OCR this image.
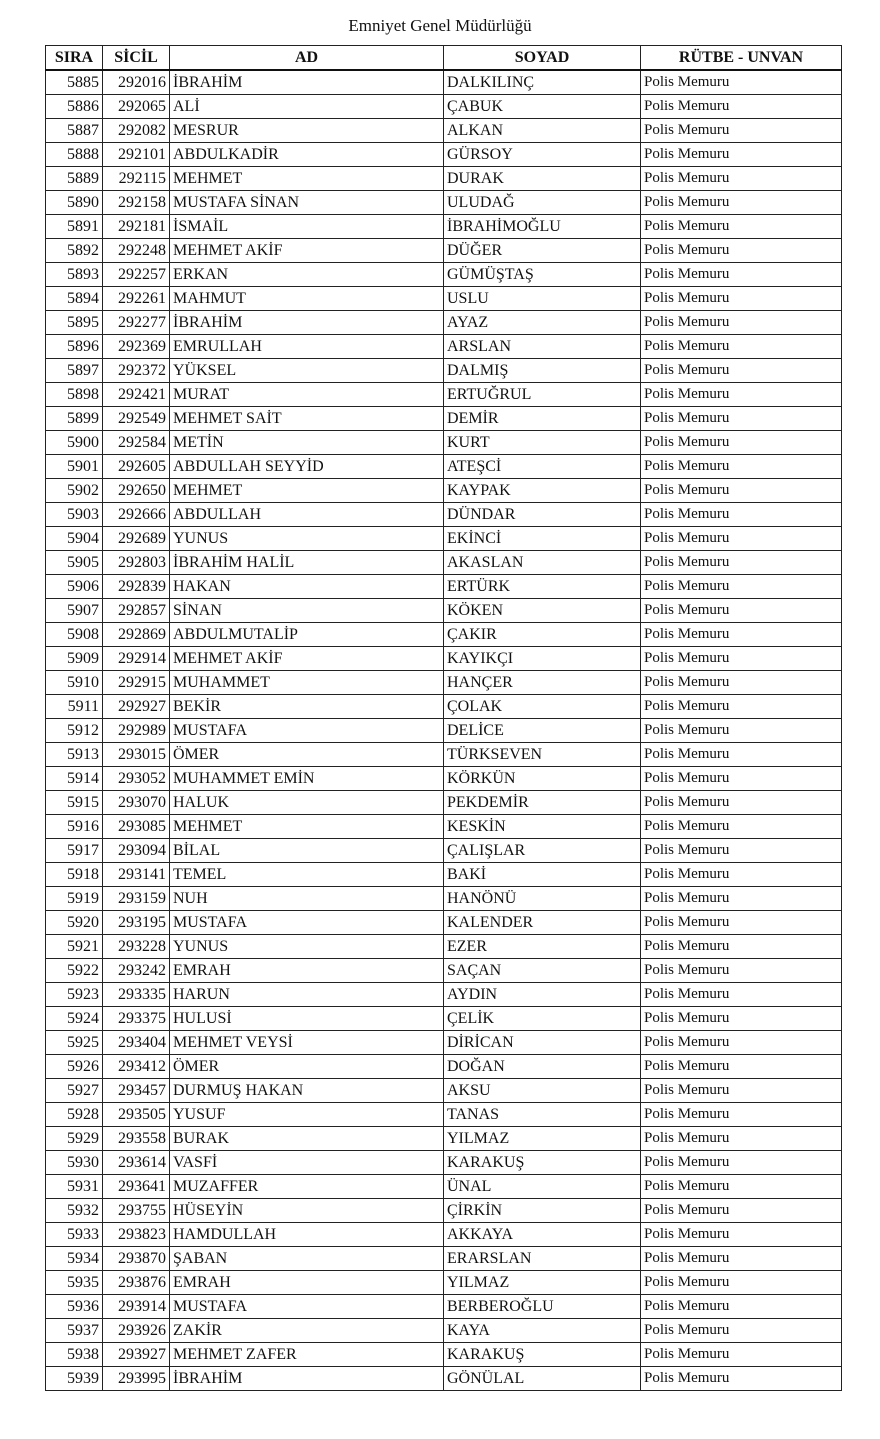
Emniyet Genel Müdürlüğü
SIRA	SİCİL	AD	SOYAD	RÜTBE - UNVAN
5885	292016	İBRAHİM	DALKILINÇ	Polis Memuru
5886	292065	ALİ	ÇABUK	Polis Memuru
5887	292082	MESRUR	ALKAN	Polis Memuru
5888	292101	ABDULKADİR	GÜRSOY	Polis Memuru
5889	292115	MEHMET	DURAK	Polis Memuru
5890	292158	MUSTAFA SİNAN	ULUDAĞ	Polis Memuru
5891	292181	İSMAİL	İBRAHİMOĞLU	Polis Memuru
5892	292248	MEHMET AKİF	DÜĞER	Polis Memuru
5893	292257	ERKAN	GÜMÜŞTAŞ	Polis Memuru
5894	292261	MAHMUT	USLU	Polis Memuru
5895	292277	İBRAHİM	AYAZ	Polis Memuru
5896	292369	EMRULLAH	ARSLAN	Polis Memuru
5897	292372	YÜKSEL	DALMIŞ	Polis Memuru
5898	292421	MURAT	ERTUĞRUL	Polis Memuru
5899	292549	MEHMET SAİT	DEMİR	Polis Memuru
5900	292584	METİN	KURT	Polis Memuru
5901	292605	ABDULLAH SEYYİD	ATEŞCİ	Polis Memuru
5902	292650	MEHMET	KAYPAK	Polis Memuru
5903	292666	ABDULLAH	DÜNDAR	Polis Memuru
5904	292689	YUNUS	EKİNCİ	Polis Memuru
5905	292803	İBRAHİM HALİL	AKASLAN	Polis Memuru
5906	292839	HAKAN	ERTÜRK	Polis Memuru
5907	292857	SİNAN	KÖKEN	Polis Memuru
5908	292869	ABDULMUTALİP	ÇAKIR	Polis Memuru
5909	292914	MEHMET AKİF	KAYIKÇI	Polis Memuru
5910	292915	MUHAMMET	HANÇER	Polis Memuru
5911	292927	BEKİR	ÇOLAK	Polis Memuru
5912	292989	MUSTAFA	DELİCE	Polis Memuru
5913	293015	ÖMER	TÜRKSEVEN	Polis Memuru
5914	293052	MUHAMMET EMİN	KÖRKÜN	Polis Memuru
5915	293070	HALUK	PEKDEMİR	Polis Memuru
5916	293085	MEHMET	KESKİN	Polis Memuru
5917	293094	BİLAL	ÇALIŞLAR	Polis Memuru
5918	293141	TEMEL	BAKİ	Polis Memuru
5919	293159	NUH	HANÖNÜ	Polis Memuru
5920	293195	MUSTAFA	KALENDER	Polis Memuru
5921	293228	YUNUS	EZER	Polis Memuru
5922	293242	EMRAH	SAÇAN	Polis Memuru
5923	293335	HARUN	AYDIN	Polis Memuru
5924	293375	HULUSİ	ÇELİK	Polis Memuru
5925	293404	MEHMET VEYSİ	DİRİCAN	Polis Memuru
5926	293412	ÖMER	DOĞAN	Polis Memuru
5927	293457	DURMUŞ HAKAN	AKSU	Polis Memuru
5928	293505	YUSUF	TANAS	Polis Memuru
5929	293558	BURAK	YILMAZ	Polis Memuru
5930	293614	VASFİ	KARAKUŞ	Polis Memuru
5931	293641	MUZAFFER	ÜNAL	Polis Memuru
5932	293755	HÜSEYİN	ÇİRKİN	Polis Memuru
5933	293823	HAMDULLAH	AKKAYA	Polis Memuru
5934	293870	ŞABAN	ERARSLAN	Polis Memuru
5935	293876	EMRAH	YILMAZ	Polis Memuru
5936	293914	MUSTAFA	BERBEROĞLU	Polis Memuru
5937	293926	ZAKİR	KAYA	Polis Memuru
5938	293927	MEHMET ZAFER	KARAKUŞ	Polis Memuru
5939	293995	İBRAHİM	GÖNÜLAL	Polis Memuru
